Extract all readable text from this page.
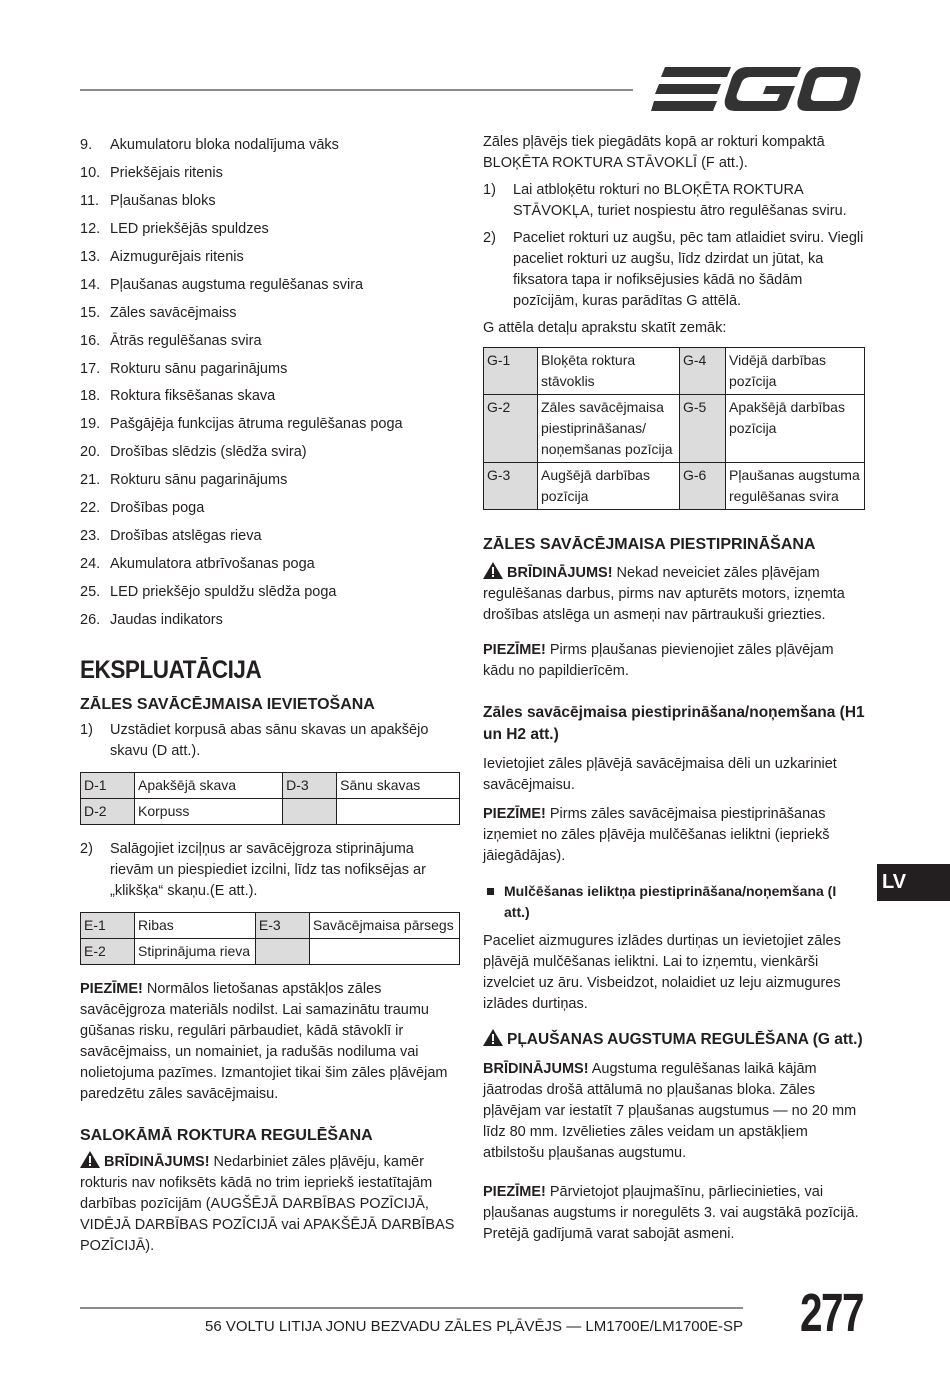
9.	Akumulatoru bloka nodalījuma vāks
10. Priekšējais ritenis
11. Pļaušanas bloks
12. LED priekšējās spuldzes
13. Aizmugurējais ritenis
14. Pļaušanas augstuma regulēšanas svira
15. Zāles savācējmaiss
16. Ātrās regulēšanas svira
17. Rokturu sānu pagarinājums
18. Roktura fiksēšanas skava
19. Pašgājēja funkcijas ātruma regulēšanas poga
20. Drošības slēdzis (slēdža svira)
21. Rokturu sānu pagarinājums
22. Drošības poga
23. Drošības atslēgas rieva
24. Akumulatora atbrīvošanas poga
25. LED priekšējo spuldžu slēdža poga
26. Jaudas indikators
EKSPLUATĀCIJA
ZĀLES SAVĀCĒJMAISA IEVIETOŠANA
1)	Uzstādiet korpusā abas sānu skavas un apakšējo skavu (D att.).
D-1	Apakšējā skava	D-3	Sānu skavas
D-2	Korpuss		
2)	Salāgojiet izciļņus ar savācējgroza stiprinājuma rievām un piespiediet izcilni, līdz tas nofiksējas ar „klikšķa“ skaņu.(E att.).
E-1	Ribas	E-3	Savācējmaisa pārsegs
E-2	Stiprinājuma rieva		

PIEZĪME! Normālos lietošanas apstākļos zāles savācējgroza materiāls nodilst. Lai samazinātu traumu gūšanas risku, regulāri pārbaudiet, kādā stāvoklī ir savācējmaiss, un nomainiet, ja radušās nodiluma vai nolietojuma pazīmes. Izmantojiet tikai šim zāles pļāvējam paredzētu zāles savācējmaisu.

SALOKĀMĀ ROKTURA REGULĒŠANA

BRĪDINĀJUMS! Nedarbiniet zāles pļāvēju, kamēr rokturis nav nofiksēts kādā no trim iepriekš iestatītajām darbības pozīcijām (AUGŠĒJĀ DARBĪBAS POZĪCIJĀ, VIDĒJĀ DARBĪBAS POZĪCIJĀ vai APAKŠĒJĀ DARBĪBAS POZĪCIJĀ).

Zāles pļāvējs tiek piegādāts kopā ar rokturi kompaktā BLOĶĒTA ROKTURA STĀVOKLĪ (F att.).

1)	Lai atbloķētu rokturi no BLOĶĒTA ROKTURA STĀVOKĻA, turiet nospiestu ātro regulēšanas sviru.
2)	Paceliet rokturi uz augšu, pēc tam atlaidiet sviru. Viegli paceliet rokturi uz augšu, līdz dzirdat un jūtat, ka fiksatora tapa ir nofiksējusies kādā no šādām pozīcijām, kuras parādītas G attēlā.

G attēla detaļu aprakstu skatīt zemāk:

G-1	Bloķēta roktura stāvoklis	G-4	Vidējā darbības pozīcija
G-2	Zāles savācējmaisa piestiprināšanas/ noņemšanas pozīcija	G-5	Apakšējā darbības pozīcija
G-3	Augšējā darbības pozīcija	G-6	Pļaušanas augstuma regulēšanas svira
ZĀLES SAVĀCĒJMAISA PIESTIPRINĀŠANA

BRĪDINĀJUMS! Nekad neveiciet zāles pļāvējam regulēšanas darbus, pirms nav apturēts motors, izņemta drošības atslēga un asmeņi nav pārtraukuši griezties.

PIEZĪME! Pirms pļaušanas pievienojiet zāles pļāvējam kādu no papildierīcēm.

Zāles savācējmaisa piestiprināšana/noņemšana (H1 un H2 att.)

Ievietojiet zāles pļāvējā savācējmaisa dēli un uzkariniet savācējmaisu.

PIEZĪME! Pirms zāles savācējmaisa piestiprināšanas izņemiet no zāles pļāvēja mulčēšanas ieliktni (iepriekš jāiegādājas).

Mulčēšanas ieliktņa piestiprināšana/noņemšana (I att.)

Paceliet aizmugures izlādes durtiņas un ievietojiet zāles pļāvējā mulčēšanas ieliktni. Lai to izņemtu, vienkārši izvelciet uz āru. Visbeidzot, nolaidiet uz leju aizmugures izlādes durtiņas.

PĻAUŠANAS AUGSTUMA REGULĒŠANA (G att.)

BRĪDINĀJUMS! Augstuma regulēšanas laikā kājām jāatrodas drošā attālumā no pļaušanas bloka. Zāles pļāvējam var iestatīt 7 pļaušanas augstumus — no 20 mm līdz 80 mm. Izvēlieties zāles veidam un apstākļiem atbilstošu pļaušanas augstumu.

PIEZĪME! Pārvietojot pļaujmašīnu, pārliecinieties, vai pļaušanas augstums ir noregulēts 3. vai augstākā pozīcijā. Pretējā gadījumā varat sabojāt asmeni.

LV
56 VOLTU LITIJA JONU BEZVADU ZĀLES PĻĀVĒJS — LM1700E/LM1700E-SP 277
